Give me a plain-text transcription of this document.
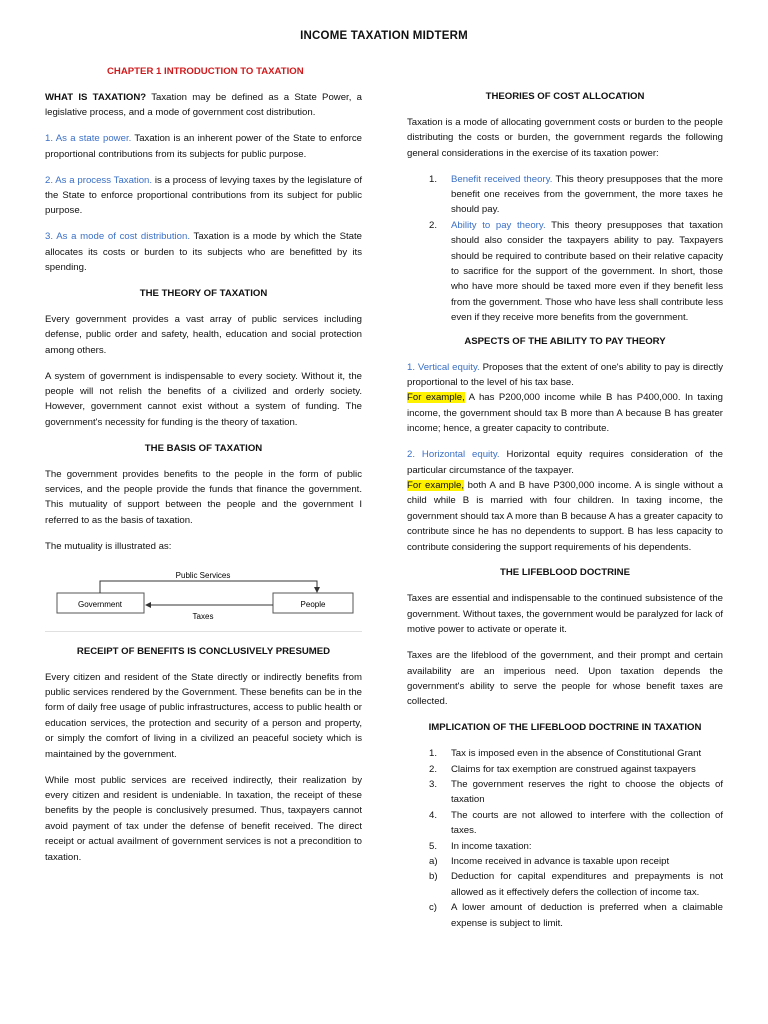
INCOME TAXATION MIDTERM
CHAPTER 1 INTRODUCTION TO TAXATION

WHAT IS TAXATION? Taxation may be defined as a State Power, a legislative process, and a mode of government cost distribution.

1. As a state power. Taxation is an inherent power of the State to enforce proportional contributions from its subjects for public purpose.

2. As a process Taxation. is a process of levying taxes by the legislature of the State to enforce proportional contributions from its subject for public purpose.

3. As a mode of cost distribution. Taxation is a mode by which the State allocates its costs or burden to its subjects who are benefitted by its spending.

THE THEORY OF TAXATION

Every government provides a vast array of public services including defense, public order and safety, health, education and social protection among others.

A system of government is indispensable to every society. Without it, the people will not relish the benefits of a civilized and orderly society. However, government cannot exist without a system of funding. The government's necessity for funding is the theory of taxation.

THE BASIS OF TAXATION

The government provides benefits to the people in the form of public services, and the people provide the funds that finance the government. This mutuality of support between the people and the government I referred to as the basis of taxation.

The mutuality is illustrated as:

Government	People
Public Services
Taxes
RECEIPT OF BENEFITS IS CONCLUSIVELY PRESUMED

Every citizen and resident of the State directly or indirectly benefits from public services rendered by the Government. These benefits can be in the form of daily free usage of public infrastructures, access to public health or education services, the protection and security of a person and property, or simply the comfort of living in a civilized an peaceful society which is maintained by the government.

While most public services are received indirectly, their realization by every citizen and resident is undeniable. In taxation, the receipt of these benefits by the people is conclusively presumed. Thus, taxpayers cannot avoid payment of tax under the defense of benefit received. The direct receipt or actual availment of government services is not a precondition to taxation.

THEORIES OF COST ALLOCATION

Taxation is a mode of allocating government costs or burden to the people distributing the costs or burden, the government regards the following general considerations in the exercise of its taxation power:

1. Benefit received theory. This theory presupposes that the more benefit one receives from the government, the more taxes he should pay.
2. Ability to pay theory. This theory presupposes that taxation should also consider the taxpayers ability to pay. Taxpayers should be required to contribute based on their relative capacity to sacrifice for the support of the government. In short, those who have more should be taxed more even if they benefit less from the government. Those who have less shall contribute less even if they receive more benefits from the government.
ASPECTS OF THE ABILITY TO PAY THEORY

1. Vertical equity. Proposes that the extent of one's ability to pay is directly proportional to the level of his tax base.
For example, A has P200,000 income while B has P400,000. In taxing income, the government should tax B more than A because B has greater income; hence, a greater capacity to contribute.

2. Horizontal equity. Horizontal equity requires consideration of the particular circumstance of the taxpayer.
For example, both A and B have P300,000 income. A is single without a child while B is married with four children. In taxing income, the government should tax A more than B because A has a greater capacity to contribute since he has no dependents to support. B has less capacity to contribute considering the support requirements of his dependents.

THE LIFEBLOOD DOCTRINE

Taxes are essential and indispensable to the continued subsistence of the government. Without taxes, the government would be paralyzed for lack of motive power to activate or operate it.

Taxes are the lifeblood of the government, and their prompt and certain availability are an imperious need. Upon taxation depends the government's ability to serve the people for whose benefit taxes are collected.

IMPLICATION OF THE LIFEBLOOD DOCTRINE IN TAXATION
1. Tax is imposed even in the absence of Constitutional Grant
2. Claims for tax exemption are construed against taxpayers
3. The government reserves the right to choose the objects of taxation
4. The courts are not allowed to interfere with the collection of taxes.
5. In income taxation:
a) Income received in advance is taxable upon receipt
b) Deduction for capital expenditures and prepayments is not allowed as it effectively defers the collection of income tax.
c) A lower amount of deduction is preferred when a claimable expense is subject to limit.
